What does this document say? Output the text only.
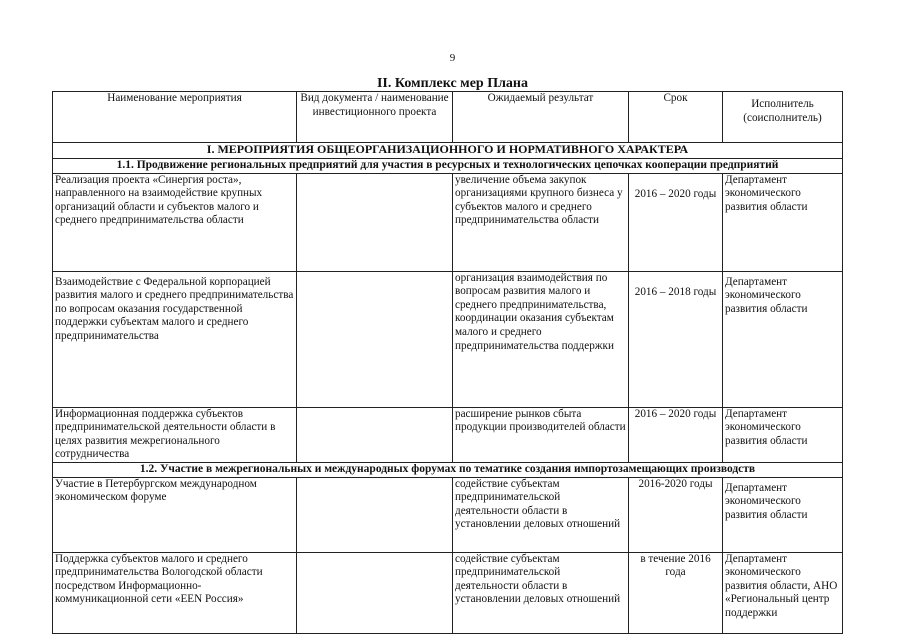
9
II. Комплекс мер Плана
Наименование мероприятия	Вид документа / наименование инвестиционного проекта	Ожидаемый результат	Срок	Исполнитель (соисполнитель)
I. МЕРОПРИЯТИЯ ОБЩЕОРГАНИЗАЦИОННОГО И НОРМАТИВНОГО ХАРАКТЕРА				
1.1. Продвижение региональных предприятий для участия в ресурсных и технологических цепочках кооперации предприятий				
Реализация проекта «Синергия роста», направленного на взаимодействие крупных организаций области и субъектов малого и среднего предпринимательства области		увеличение объема закупок организациями крупного бизнеса у субъектов малого и среднего предпринимательства области	2016 – 2020 годы	Департамент экономического развития области
Взаимодействие с Федеральной корпорацией развития малого и среднего предпринимательства по вопросам оказания государственной поддержки субъектам малого и среднего предпринимательства		организация взаимодействия по вопросам развития малого и среднего предпринимательства, координации оказания субъектам малого и среднего предпринимательства поддержки	2016 – 2018 годы	Департамент экономического развития области
Информационная поддержка субъектов предпринимательской деятельности области в целях развития межрегионального сотрудничества		расширение рынков сбыта продукции производителей области	2016 – 2020 годы	Департамент экономического развития области
1.2. Участие в межрегиональных и международных форумах по тематике создания импортозамещающих производств				
Участие в Петербургском международном экономическом форуме		содействие субъектам предпринимательской деятельности области в установлении деловых отношений	2016-2020 годы	Департамент экономического развития области
Поддержка субъектов малого и среднего предпринимательства Вологодской области посредством Информационно-коммуникационной сети «EEN Россия»		содействие субъектам предпринимательской деятельности области в установлении деловых отношений	в течение 2016 года	Департамент экономического развития области, АНО «Региональный центр поддержки
